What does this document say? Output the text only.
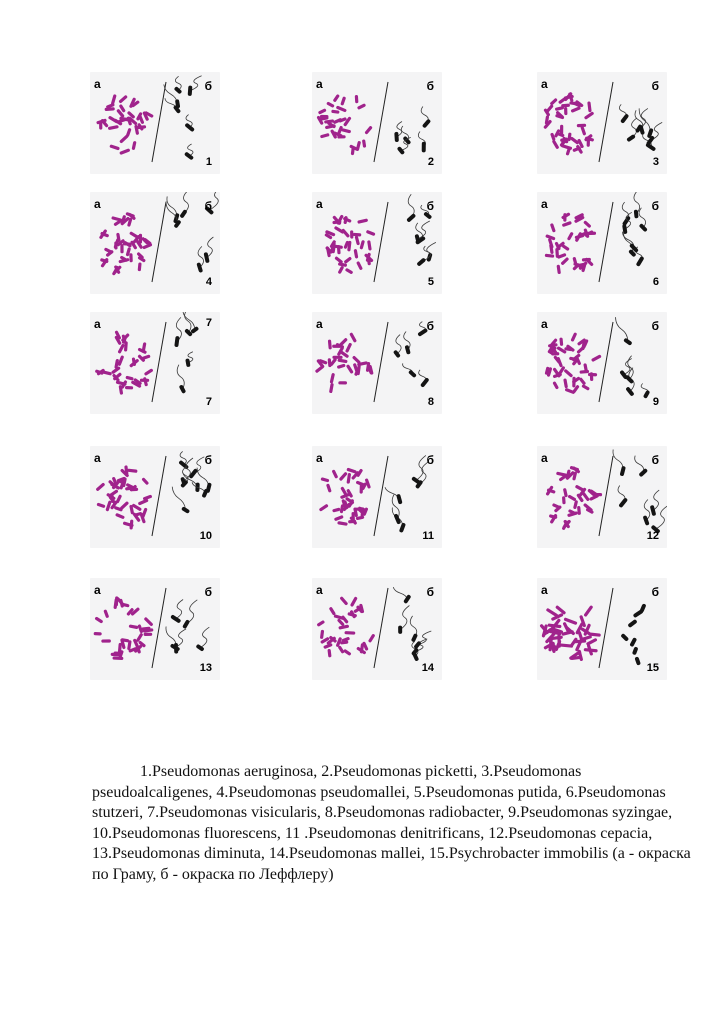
а	б
1
а	б
2
а	б
3
а	б
4
а	б
5
а	б
6
а	7
7
а	б
8
а	б
9
а	б
10
а	б
11
а	б
12
а	б
13
а	б
14
а	б
15
1.Pseudomonas aeruginosa, 2.Pseudomonas picketti, 3.Pseudomonas pseudoalcaligenes, 4.Pseudomonas pseudomallei, 5.Pseudomonas putida, 6.Pseudomonas stutzeri, 7.Pseudomonas visicularis, 8.Pseudomonas radiobacter, 9.Pseudomonas syzingae, 10.Pseudomonas fluorescens, 11 .Pseudomonas denitrificans, 12.Pseudomonas cepacia, 13.Pseudomonas diminuta, 14.Pseudomonas mallei, 15.Psychrobacter immobilis (а - окраска по Граму, б - окраска по Леффлеру)
